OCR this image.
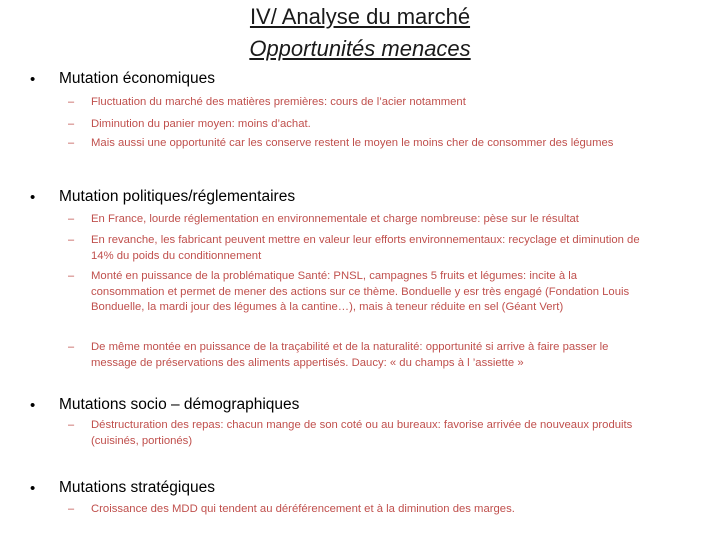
IV/ Analyse du marché
Opportunités menaces
• Mutation économiques
– Fluctuation du marché des matières premières: cours de l’acier notamment
– Diminution du panier moyen: moins d’achat.
– Mais aussi une opportunité car les conserve restent le moyen le moins cher de consommer des légumes
• Mutation politiques/réglementaires
– En France, lourde réglementation en environnementale et charge nombreuse: pèse sur le résultat
– En revanche, les fabricant peuvent mettre en valeur leur efforts environnementaux: recyclage et diminution de 14% du poids du conditionnement
– Monté en puissance de la problématique Santé: PNSL, campagnes 5 fruits et légumes: incite à la consommation et permet de mener des actions sur ce thème. Bonduelle y esr très engagé (Fondation Louis Bonduelle, la mardi jour des légumes à la cantine…), mais à teneur réduite en sel (Géant Vert)
– De même montée en puissance de la traçabilité et de la naturalité: opportunité si arrive à faire passer le message de préservations des aliments appertisés. Daucy: « du champs à l ’assiette »
• Mutations socio – démographiques
– Déstructuration des repas: chacun mange de son coté ou au bureaux: favorise arrivée de nouveaux produits (cuisinés, portionés)
• Mutations stratégiques
– Croissance des MDD qui tendent au déréférencement et à la diminution des marges.
